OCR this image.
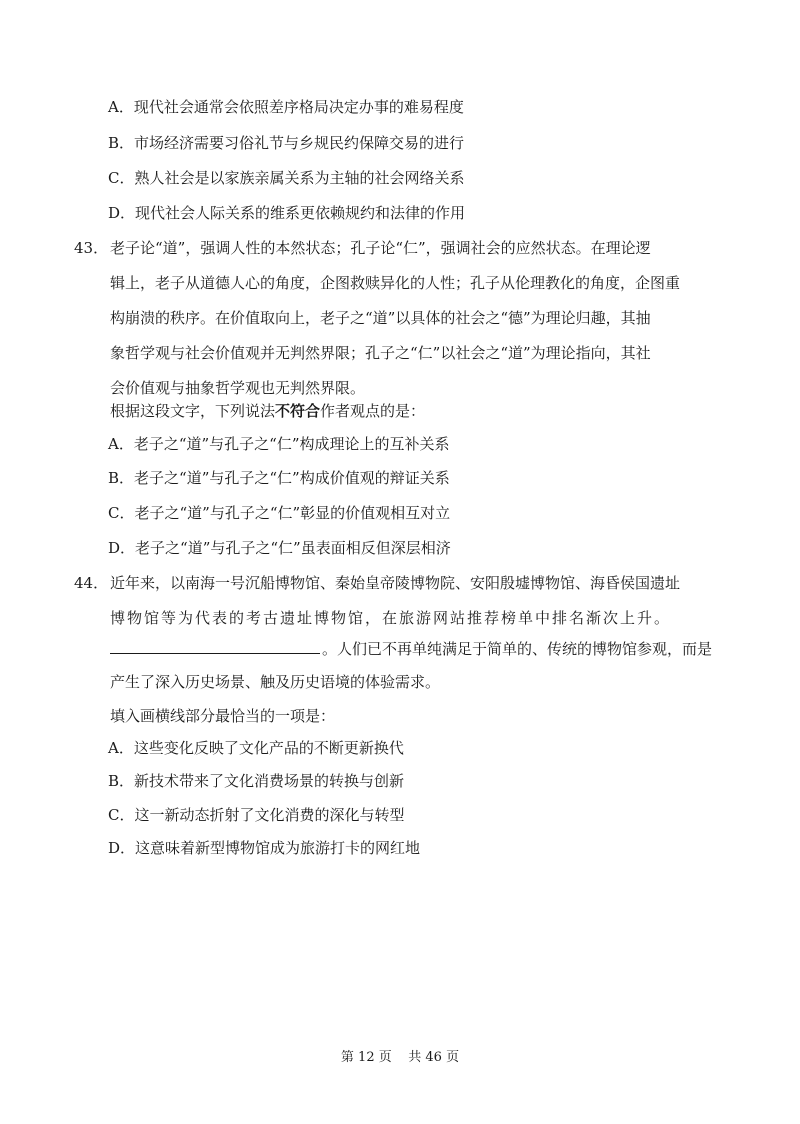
A．现代社会通常会依照差序格局决定办事的难易程度
B．市场经济需要习俗礼节与乡规民约保障交易的进行
C．熟人社会是以家族亲属关系为主轴的社会网络关系
D．现代社会人际关系的维系更依赖规约和法律的作用
43． 老子论“道”，强调人性的本然状态；孔子论“仁”，强调社会的应然状态。在理论逻
辑上，老子从道德人心的角度，企图救赎异化的人性；孔子从伦理教化的角度，企图重
构崩溃的秩序。在价值取向上，老子之“道”以具体的社会之“德”为理论归趣，其抽
象哲学观与社会价值观并无判然界限；孔子之“仁”以社会之“道”为理论指向，其社
会价值观与抽象哲学观也无判然界限。
根据这段文字，下列说法不符合作者观点的是：
A．老子之“道”与孔子之“仁”构成理论上的互补关系
B．老子之“道”与孔子之“仁”构成价值观的辩证关系
C．老子之“道”与孔子之“仁”彰显的价值观相互对立
D．老子之“道”与孔子之“仁”虽表面相反但深层相济
44． 近年来，以南海一号沉船博物馆、秦始皇帝陵博物院、安阳殷墟博物馆、海昏侯国遗址
博物馆等为代表的考古遗址博物馆，在旅游网站推荐榜单中排名渐次上升。
。人们已不再单纯满足于简单的、传统的博物馆参观，而是
产生了深入历史场景、触及历史语境的体验需求。
填入画横线部分最恰当的一项是：
A．这些变化反映了文化产品的不断更新换代
B．新技术带来了文化消费场景的转换与创新
C．这一新动态折射了文化消费的深化与转型
D．这意味着新型博物馆成为旅游打卡的网红地
第 12 页    共 46 页
